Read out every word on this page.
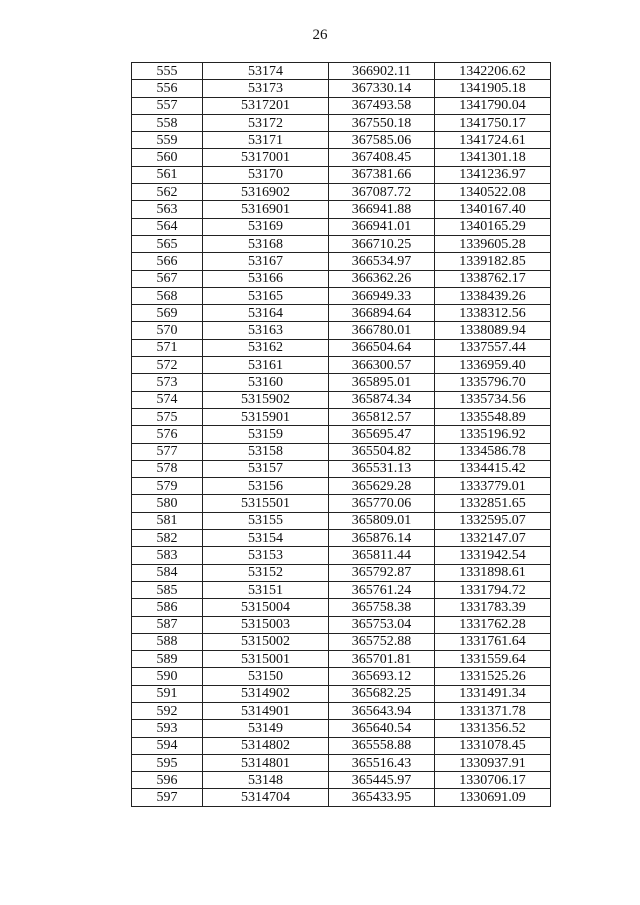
26
555	53174	366902.11	1342206.62
556	53173	367330.14	1341905.18
557	5317201	367493.58	1341790.04
558	53172	367550.18	1341750.17
559	53171	367585.06	1341724.61
560	5317001	367408.45	1341301.18
561	53170	367381.66	1341236.97
562	5316902	367087.72	1340522.08
563	5316901	366941.88	1340167.40
564	53169	366941.01	1340165.29
565	53168	366710.25	1339605.28
566	53167	366534.97	1339182.85
567	53166	366362.26	1338762.17
568	53165	366949.33	1338439.26
569	53164	366894.64	1338312.56
570	53163	366780.01	1338089.94
571	53162	366504.64	1337557.44
572	53161	366300.57	1336959.40
573	53160	365895.01	1335796.70
574	5315902	365874.34	1335734.56
575	5315901	365812.57	1335548.89
576	53159	365695.47	1335196.92
577	53158	365504.82	1334586.78
578	53157	365531.13	1334415.42
579	53156	365629.28	1333779.01
580	5315501	365770.06	1332851.65
581	53155	365809.01	1332595.07
582	53154	365876.14	1332147.07
583	53153	365811.44	1331942.54
584	53152	365792.87	1331898.61
585	53151	365761.24	1331794.72
586	5315004	365758.38	1331783.39
587	5315003	365753.04	1331762.28
588	5315002	365752.88	1331761.64
589	5315001	365701.81	1331559.64
590	53150	365693.12	1331525.26
591	5314902	365682.25	1331491.34
592	5314901	365643.94	1331371.78
593	53149	365640.54	1331356.52
594	5314802	365558.88	1331078.45
595	5314801	365516.43	1330937.91
596	53148	365445.97	1330706.17
597	5314704	365433.95	1330691.09
